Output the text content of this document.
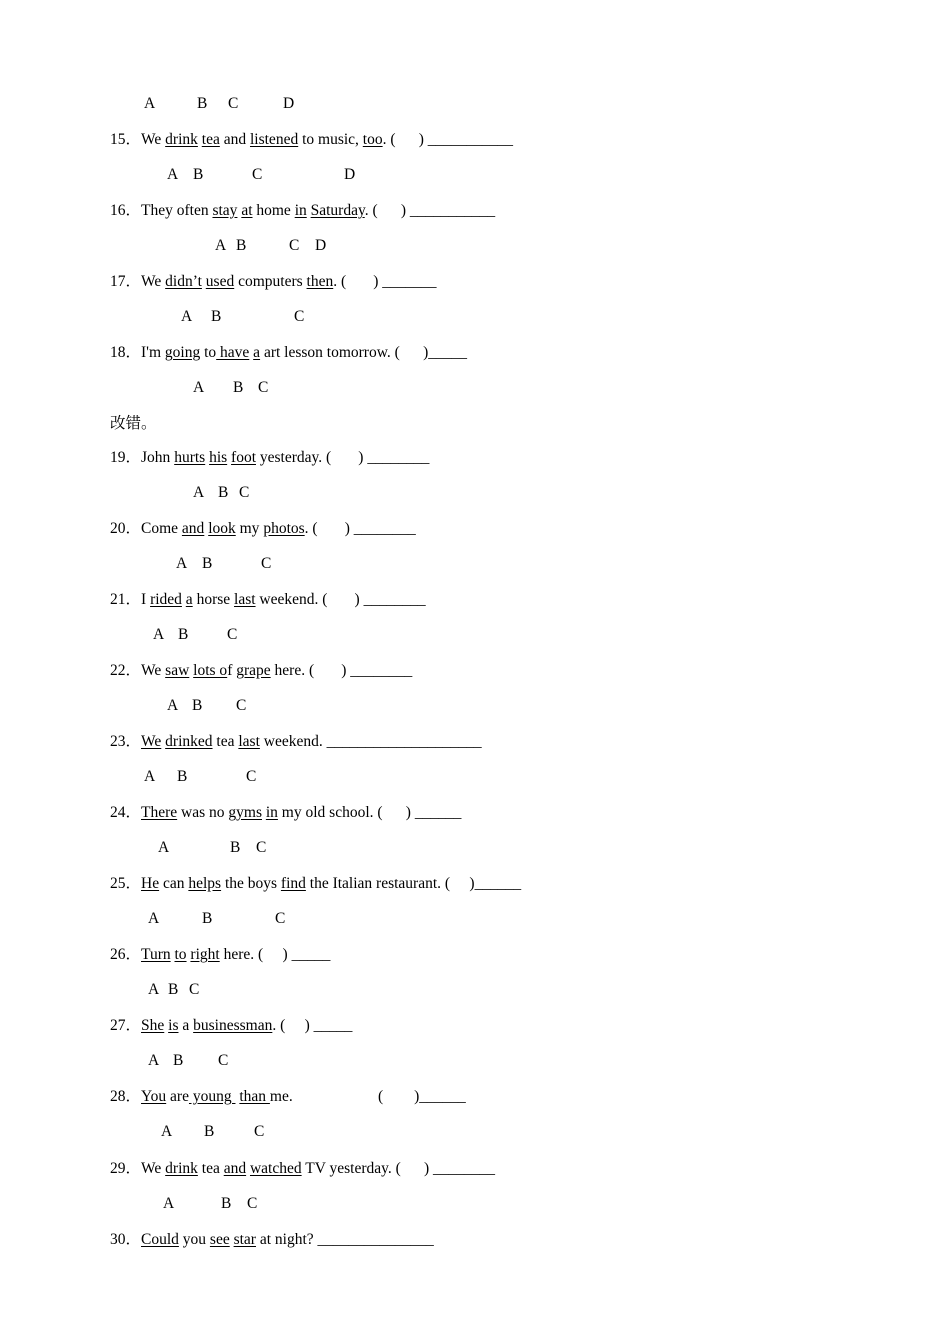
A	B C	D
改错。
15．We drink tea and listened to music, too. (      ) ___________
A B	C	D
16．They often stay at home in Saturday. (      ) ___________
A B	C D
17．We didn’t used computers then. (       ) _______
A B	C
18．I'm going to have a art lesson tomorrow. (      )_____
A B C
19．John hurts his foot yesterday. (       ) ________
A B C
20．Come and look my photos. (       ) ________
A B	C
21．I rided a horse last weekend. (       ) ________
A B C
22．We saw lots of grape here. (       ) ________
A B C
23．We drinked tea last weekend. ____________________
A B	C
24．There was no gyms in my old school. (      ) ______
A	B C
25．He can helps the boys find the Italian restaurant. (     )______
A	B	C
26．Turn to right here. (     ) _____
A B C
27．She is a businessman. (     ) _____
A B C
28．You are young  than me.                      (        )______
A B	C
29．We drink tea and watched TV yesterday. (      ) ________
A	B C
30．Could you see star at night? _______________
